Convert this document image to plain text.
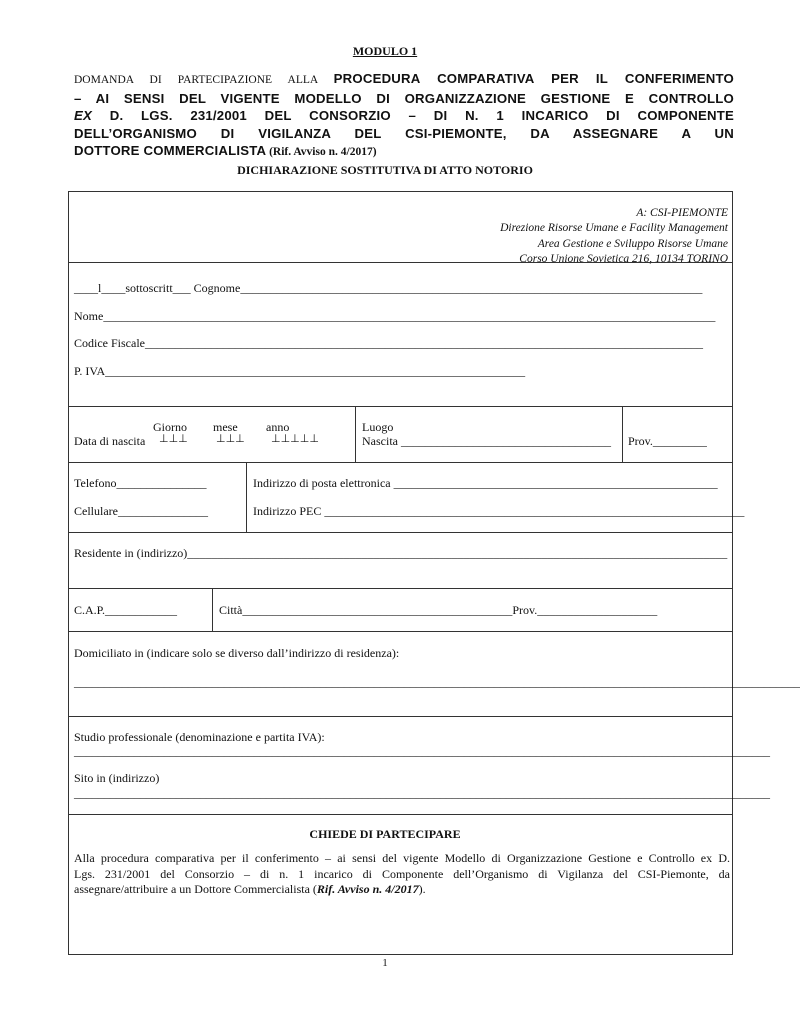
MODULO 1
DOMANDA DI PARTECIPAZIONE ALLA PROCEDURA COMPARATIVA PER IL CONFERIMENTO
– AI SENSI DEL VIGENTE MODELLO DI ORGANIZZAZIONE GESTIONE E CONTROLLO
EX D. LGS. 231/2001 DEL CONSORZIO – DI N. 1 INCARICO DI COMPONENTE
DELL’ORGANISMO DI VIGILANZA DEL CSI-PIEMONTE, DA ASSEGNARE A UN
DOTTORE COMMERCIALISTA (Rif. Avviso n. 4/2017)
DICHIARAZIONE SOSTITUTIVA DI ATTO NOTORIO
A: CSI-PIEMONTE
Direzione Risorse Umane e Facility Management
Area Gestione e Sviluppo Risorse Umane
Corso Unione Sovietica 216, 10134 TORINO
____l____sottoscritt___ Cognome_____________________________________________________________________________
Nome______________________________________________________________________________________________________
Codice Fiscale_____________________________________________________________________________________________
P. IVA______________________________________________________________________
Giorno mese anno
Data di nascita ⊥⊥⊥	⊥⊥⊥ ⊥⊥⊥⊥⊥
Luogo
Nascita ___________________________________ Prov._________
Telefono_______________
Cellulare_______________
Indirizzo di posta elettronica ______________________________________________________
Indirizzo PEC ______________________________________________________________________
Residente in (indirizzo)__________________________________________________________________________________________
C.A.P.____________	Città_____________________________________________Prov.____________________
Domiciliato in (indicare solo se diverso dall’indirizzo di residenza):
_________________________________________________________________________________________________________________________
Studio professionale (denominazione e partita IVA):
____________________________________________________________________________________________________________________
Sito in (indirizzo)
____________________________________________________________________________________________________________________
CHIEDE DI PARTECIPARE
Alla procedura comparativa per il conferimento – ai sensi del vigente Modello di Organizzazione Gestione e Controllo ex D.
Lgs. 231/2001 del Consorzio – di n. 1 incarico di Componente dell’Organismo di Vigilanza del CSI-Piemonte, da
assegnare/attribuire a un Dottore Commercialista (Rif. Avviso n. 4/2017).
1
